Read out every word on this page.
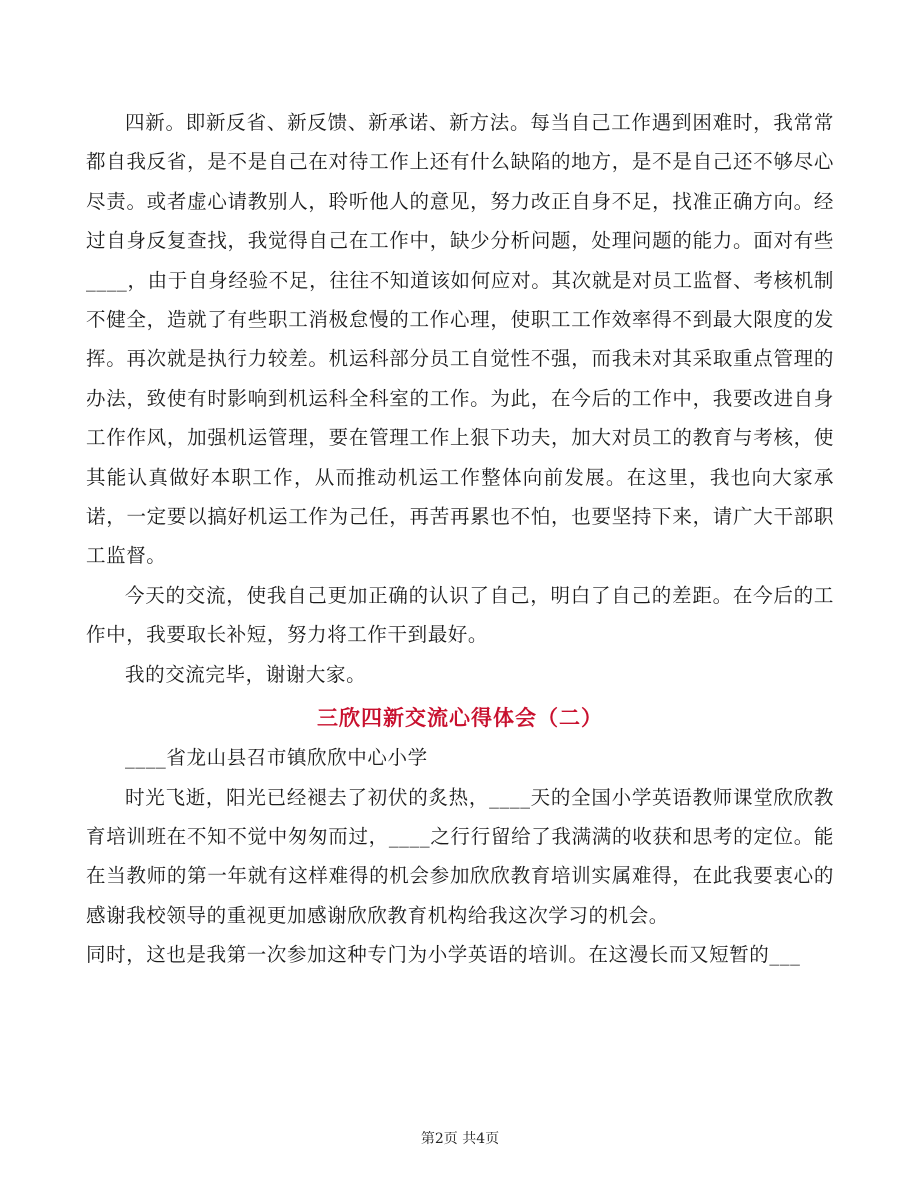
四新。即新反省、新反馈、新承诺、新方法。每当自己工作遇到困难时，我常常都自我反省，是不是自己在对待工作上还有什么缺陷的地方，是不是自己还不够尽心尽责。或者虚心请教别人，聆听他人的意见，努力改正自身不足，找准正确方向。经过自身反复查找，我觉得自己在工作中，缺少分析问题，处理问题的能力。面对有些____，由于自身经验不足，往往不知道该如何应对。其次就是对员工监督、考核机制不健全，造就了有些职工消极怠慢的工作心理，使职工工作效率得不到最大限度的发挥。再次就是执行力较差。机运科部分员工自觉性不强，而我未对其采取重点管理的办法，致使有时影响到机运科全科室的工作。为此，在今后的工作中，我要改进自身工作作风，加强机运管理，要在管理工作上狠下功夫，加大对员工的教育与考核，使其能认真做好本职工作，从而推动机运工作整体向前发展。在这里，我也向大家承诺，一定要以搞好机运工作为己任，再苦再累也不怕，也要坚持下来，请广大干部职工监督。

今天的交流，使我自己更加正确的认识了自己，明白了自己的差距。在今后的工作中，我要取长补短，努力将工作干到最好。

我的交流完毕，谢谢大家。

三欣四新交流心得体会（二）

____省龙山县召市镇欣欣中心小学

时光飞逝，阳光已经褪去了初伏的炙热，____天的全国小学英语教师课堂欣欣教育培训班在不知不觉中匆匆而过，____之行行留给了我满满的收获和思考的定位。能在当教师的第一年就有这样难得的机会参加欣欣教育培训实属难得，在此我要衷心的感谢我校领导的重视更加感谢欣欣教育机构给我这次学习的机会。

同时，这也是我第一次参加这种专门为小学英语的培训。在这漫长而又短暂的___

第2页 共4页
